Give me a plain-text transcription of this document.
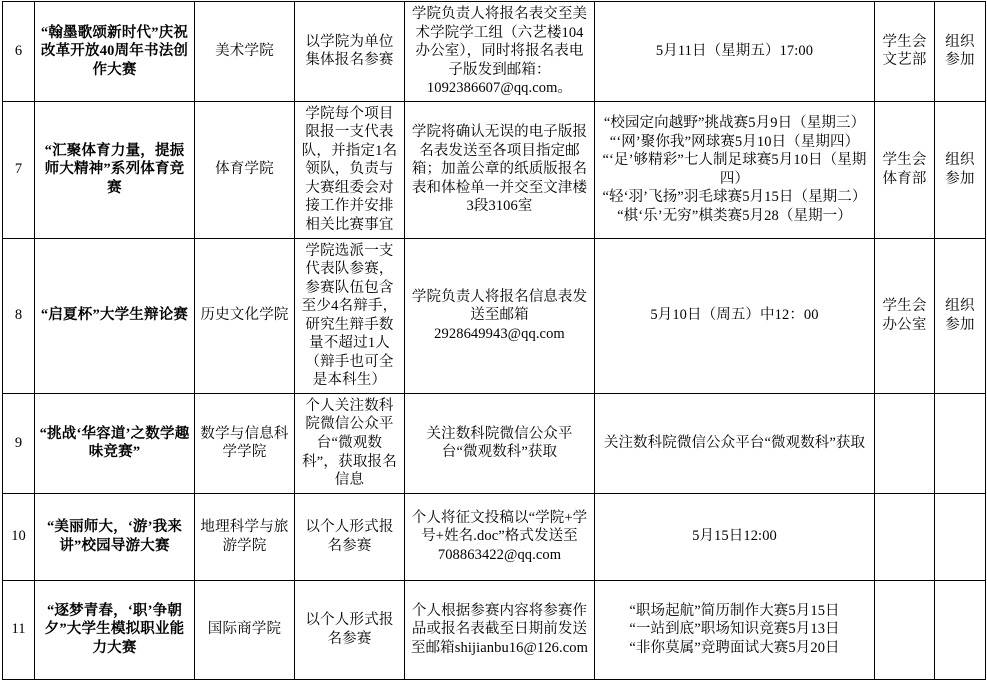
6	“翰墨歌颂新时代”庆祝改革开放40周年书法创作大赛	美术学院	以学院为单位集体报名参赛	学院负责人将报名表交至美术学院学工组（六艺楼104办公室），同时将报名表电子版发到邮箱：1092386607@qq.com。	5月11日（星期五）17:00	学生会文艺部	组织参加
7	“汇聚体育力量，提振师大精神”系列体育竞赛	体育学院	学院每个项目限报一支代表队，并指定1名领队，负责与大赛组委会对接工作并安排相关比赛事宜	学院将确认无误的电子版报名表发送至各项目指定邮箱；加盖公章的纸质版报名表和体检单一并交至文津楼3段3106室	“校园定向越野”挑战赛5月9日（星期三）
“‘网’聚你我”网球赛5月10日（星期四）
“‘足’够精彩”七人制足球赛5月10日（星期四）
“轻‘羽’飞扬”羽毛球赛5月15日（星期二）
“棋‘乐’无穷”棋类赛5月28（星期一）	学生会体育部	组织参加
8	“启夏杯”大学生辩论赛	历史文化学院	学院选派一支代表队参赛，参赛队伍包含至少4名辩手，研究生辩手数量不超过1人（辩手也可全是本科生）	学院负责人将报名信息表发送至邮箱2928649943@qq.com	5月10日（周五）中12：00	学生会办公室	组织参加
9	“挑战‘华容道’之数学趣味竞赛”	数学与信息科学学院	个人关注数科院微信公众平台“微观数科”，获取报名信息	关注数科院微信公众平台“微观数科”获取	关注数科院微信公众平台“微观数科”获取		

10	“美丽师大，‘游’我来讲”校园导游大赛	地理科学与旅游学院	以个人形式报名参赛	个人将征文投稿以“学院+学号+姓名.doc”格式发送至708863422@qq.com	5月15日12:00		

11	“逐梦青春，‘职’争朝夕”大学生模拟职业能力大赛	国际商学院	以个人形式报名参赛	个人根据参赛内容将参赛作品或报名表截至日期前发送至邮箱shijianbu16@126.com	“职场起航”简历制作大赛5月15日
“一站到底”职场知识竞赛5月13日
“非你莫属”竞聘面试大赛5月20日		
